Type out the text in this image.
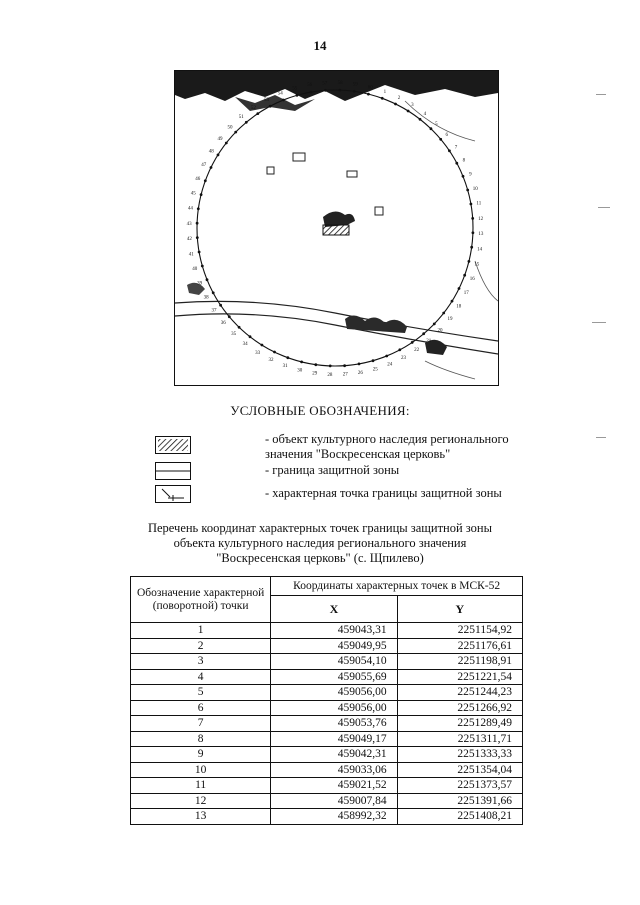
14
1
2
3
4
5
6
7
8
9
10
11
12
13
14
15
16
17
18
19
20
21
22
23
24
25
26
27
28
29
30
31
32
33
34
35
36
37
38
39
40
41
42
43
44
45
46
47
48
49
50
51
52
53
54
55
56 57 58 59
60
УСЛОВНЫЕ ОБОЗНАЧЕНИЯ:
- объект культурного наследия регионального значения "Воскресенская церковь"
- граница защитной зоны
- характерная точка границы защитной зоны
Перечень координат характерных точек границы защитной зоны
объекта культурного наследия регионального значения
"Воскресенская церковь" (с. Щпилево)
Обозначение характерной (поворотной) точки	Координаты характерных точек в МСК-52	
	X	Y
1	459043,31	2251154,92
2	459049,95	2251176,61
3	459054,10	2251198,91
4	459055,69	2251221,54
5	459056,00	2251244,23
6	459056,00	2251266,92
7	459053,76	2251289,49
8	459049,17	2251311,71
9	459042,31	2251333,33
10	459033,06	2251354,04
11	459021,52	2251373,57
12	459007,84	2251391,66
13	458992,32	2251408,21
